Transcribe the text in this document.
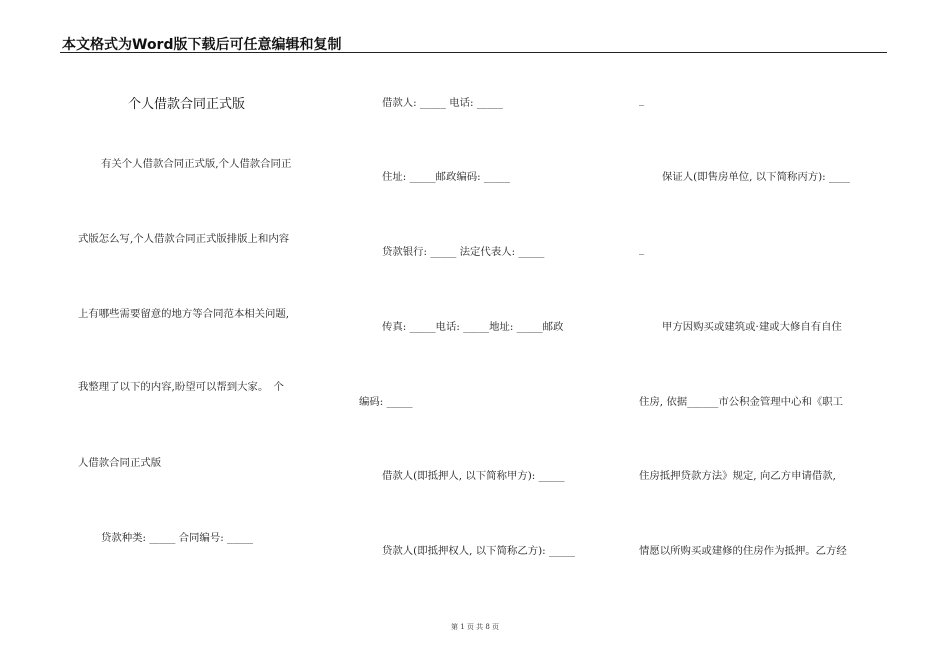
本文格式为Word版下载后可任意编辑和复制
个人借款合同正式版
有关个人借款合同正式版,个人借款合同正
式版怎么写,个人借款合同正式版排版上和内容
上有哪些需要留意的地方等合同范本相关问题,
我整理了以下的内容,盼望可以帮到大家。　个
人借款合同正式版
贷款种类: _____ 合同编号: _____
借款人: _____ 电话: _____
住址: _____邮政编码: _____
贷款银行: _____ 法定代表人: _____
传真: _____电话: _____地址: _____邮政
编码: _____
借款人(即抵押人, 以下简称甲方): _____
贷款人(即抵押权人, 以下简称乙方): _____
_
保证人(即售房单位, 以下简称丙方): ____
_
甲方因购买或建筑或·建或大修自有自住
住房, 依据______市公积金管理中心和《职工
住房抵押贷款方法》规定, 向乙方申请借款,
情愿以所购买或建修的住房作为抵押。乙方经
第 1 页 共 8 页
